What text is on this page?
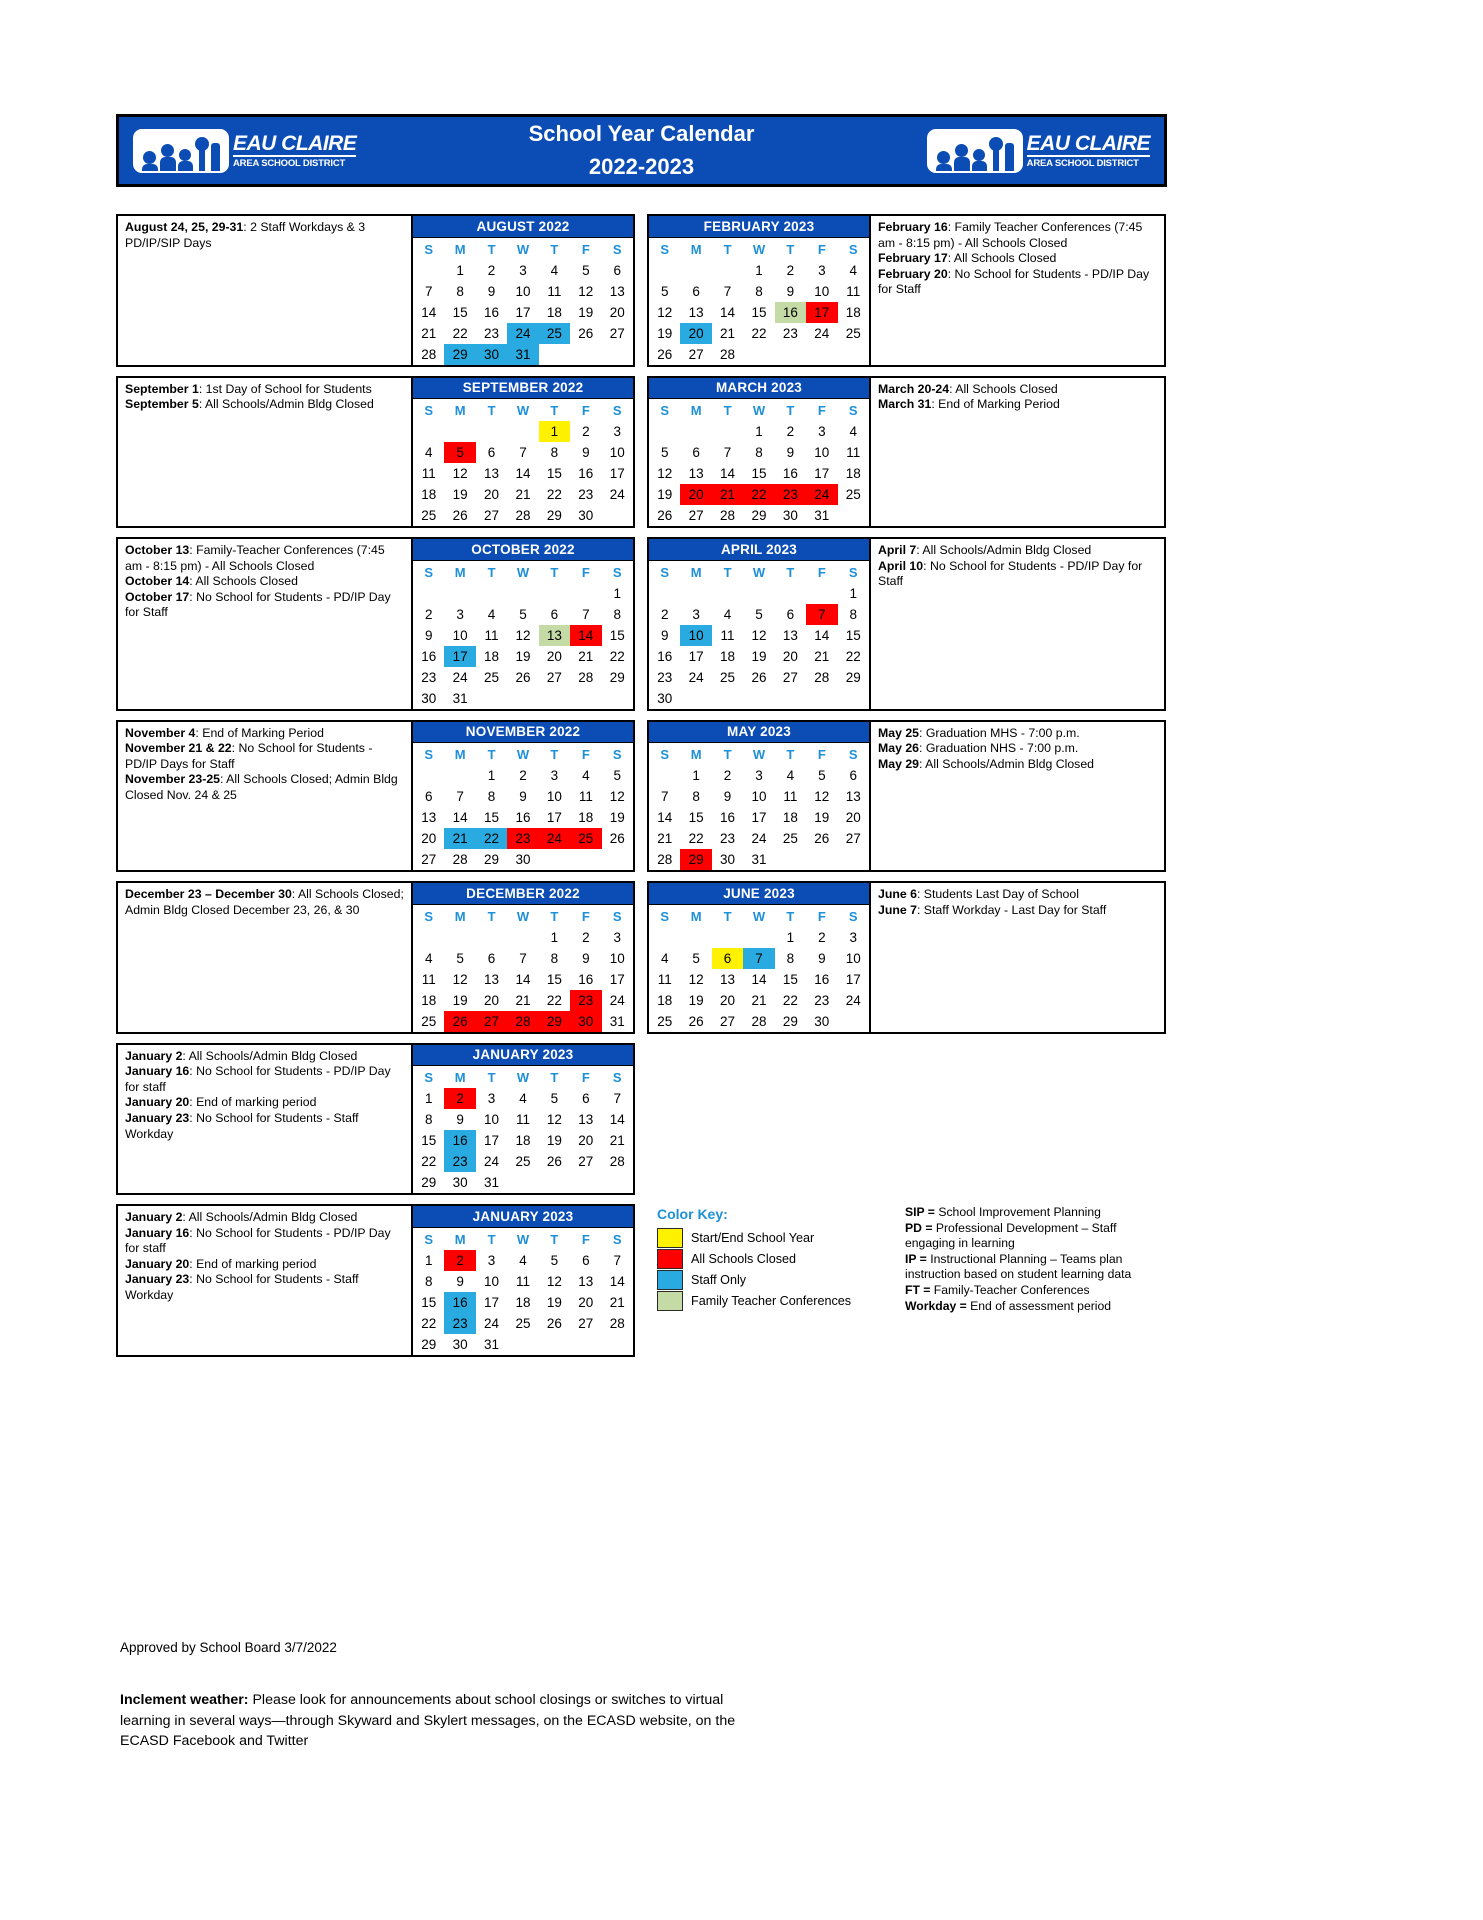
EAU CLAIRE
AREA SCHOOL DISTRICT
School Year Calendar
2022-2023
EAU CLAIRE
AREA SCHOOL DISTRICT
August 24, 25, 29-31: 2 Staff Workdays & 3 PD/IP/SIP Days
AUGUST 2022
S	M	T	W	T	F	S
	1	2	3	4	5	6
7	8	9	10	11	12	13
14	15	16	17	18	19	20
21	22	23	24	25	26	27
28	29	30	31			
FEBRUARY 2023
S	M	T	W	T	F	S
			1	2	3	4
5	6	7	8	9	10	11
12	13	14	15	16	17	18
19	20	21	22	23	24	25
26	27	28				
February 16: Family Teacher Conferences (7:45 am - 8:15 pm) - All Schools Closed
February 17: All Schools Closed
February 20: No School for Students - PD/IP Day for Staff
September 1: 1st Day of School for Students
September 5: All Schools/Admin Bldg Closed
SEPTEMBER 2022
S	M	T	W	T	F	S
				1	2	3
4	5	6	7	8	9	10
11	12	13	14	15	16	17
18	19	20	21	22	23	24
25	26	27	28	29	30	
MARCH 2023
S	M	T	W	T	F	S
			1	2	3	4
5	6	7	8	9	10	11
12	13	14	15	16	17	18
19	20	21	22	23	24	25
26	27	28	29	30	31	
March 20-24: All Schools Closed
March 31: End of Marking Period
October 13: Family-Teacher Conferences (7:45 am - 8:15 pm) - All Schools Closed
October 14: All Schools Closed
October 17: No School for Students - PD/IP Day for Staff
OCTOBER 2022
S	M	T	W	T	F	S
						1
2	3	4	5	6	7	8
9	10	11	12	13	14	15
16	17	18	19	20	21	22
23	24	25	26	27	28	29
30	31					
APRIL 2023
S	M	T	W	T	F	S
						1
2	3	4	5	6	7	8
9	10	11	12	13	14	15
16	17	18	19	20	21	22
23	24	25	26	27	28	29
30						
April 7: All Schools/Admin Bldg Closed
April 10: No School for Students - PD/IP Day for Staff
November 4: End of Marking Period
November 21 & 22: No School for Students - PD/IP Days for Staff
November 23-25: All Schools Closed; Admin Bldg Closed Nov. 24 & 25
NOVEMBER 2022
S	M	T	W	T	F	S
		1	2	3	4	5
6	7	8	9	10	11	12
13	14	15	16	17	18	19
20	21	22	23	24	25	26
27	28	29	30			
MAY 2023
S	M	T	W	T	F	S
	1	2	3	4	5	6
7	8	9	10	11	12	13
14	15	16	17	18	19	20
21	22	23	24	25	26	27
28	29	30	31			
May 25: Graduation MHS - 7:00 p.m.
May 26: Graduation NHS - 7:00 p.m.
May 29: All Schools/Admin Bldg Closed
December 23 – December 30: All Schools Closed; Admin Bldg Closed December 23, 26, & 30
DECEMBER 2022
S	M	T	W	T	F	S
				1	2	3
4	5	6	7	8	9	10
11	12	13	14	15	16	17
18	19	20	21	22	23	24
25	26	27	28	29	30	31
JUNE 2023
S	M	T	W	T	F	S
				1	2	3
4	5	6	7	8	9	10
11	12	13	14	15	16	17
18	19	20	21	22	23	24
25	26	27	28	29	30	
June 6: Students Last Day of School
June 7: Staff Workday - Last Day for Staff
January 2: All Schools/Admin Bldg Closed
January 16: No School for Students - PD/IP Day for staff
January 20: End of marking period
January 23: No School for Students - Staff Workday
JANUARY 2023
S	M	T	W	T	F	S
1	2	3	4	5	6	7
8	9	10	11	12	13	14
15	16	17	18	19	20	21
22	23	24	25	26	27	28
29	30	31				
January 2: All Schools/Admin Bldg Closed
January 16: No School for Students - PD/IP Day for staff
January 20: End of marking period
January 23: No School for Students - Staff Workday
JANUARY 2023
S	M	T	W	T	F	S
1	2	3	4	5	6	7
8	9	10	11	12	13	14
15	16	17	18	19	20	21
22	23	24	25	26	27	28
29	30	31				
Color Key:
Start/End School Year
All Schools Closed
Staff Only
Family Teacher Conferences
SIP = School Improvement Planning
PD = Professional Development – Staff engaging in learning
IP = Instructional Planning – Teams plan instruction based on student learning data
FT = Family-Teacher Conferences
Workday = End of assessment period
Approved by School Board 3/7/2022
Inclement weather: Please look for announcements about school closings or switches to virtual learning in several ways—through Skyward and Skylert messages, on the ECASD website, on the ECASD Facebook and Twitter
